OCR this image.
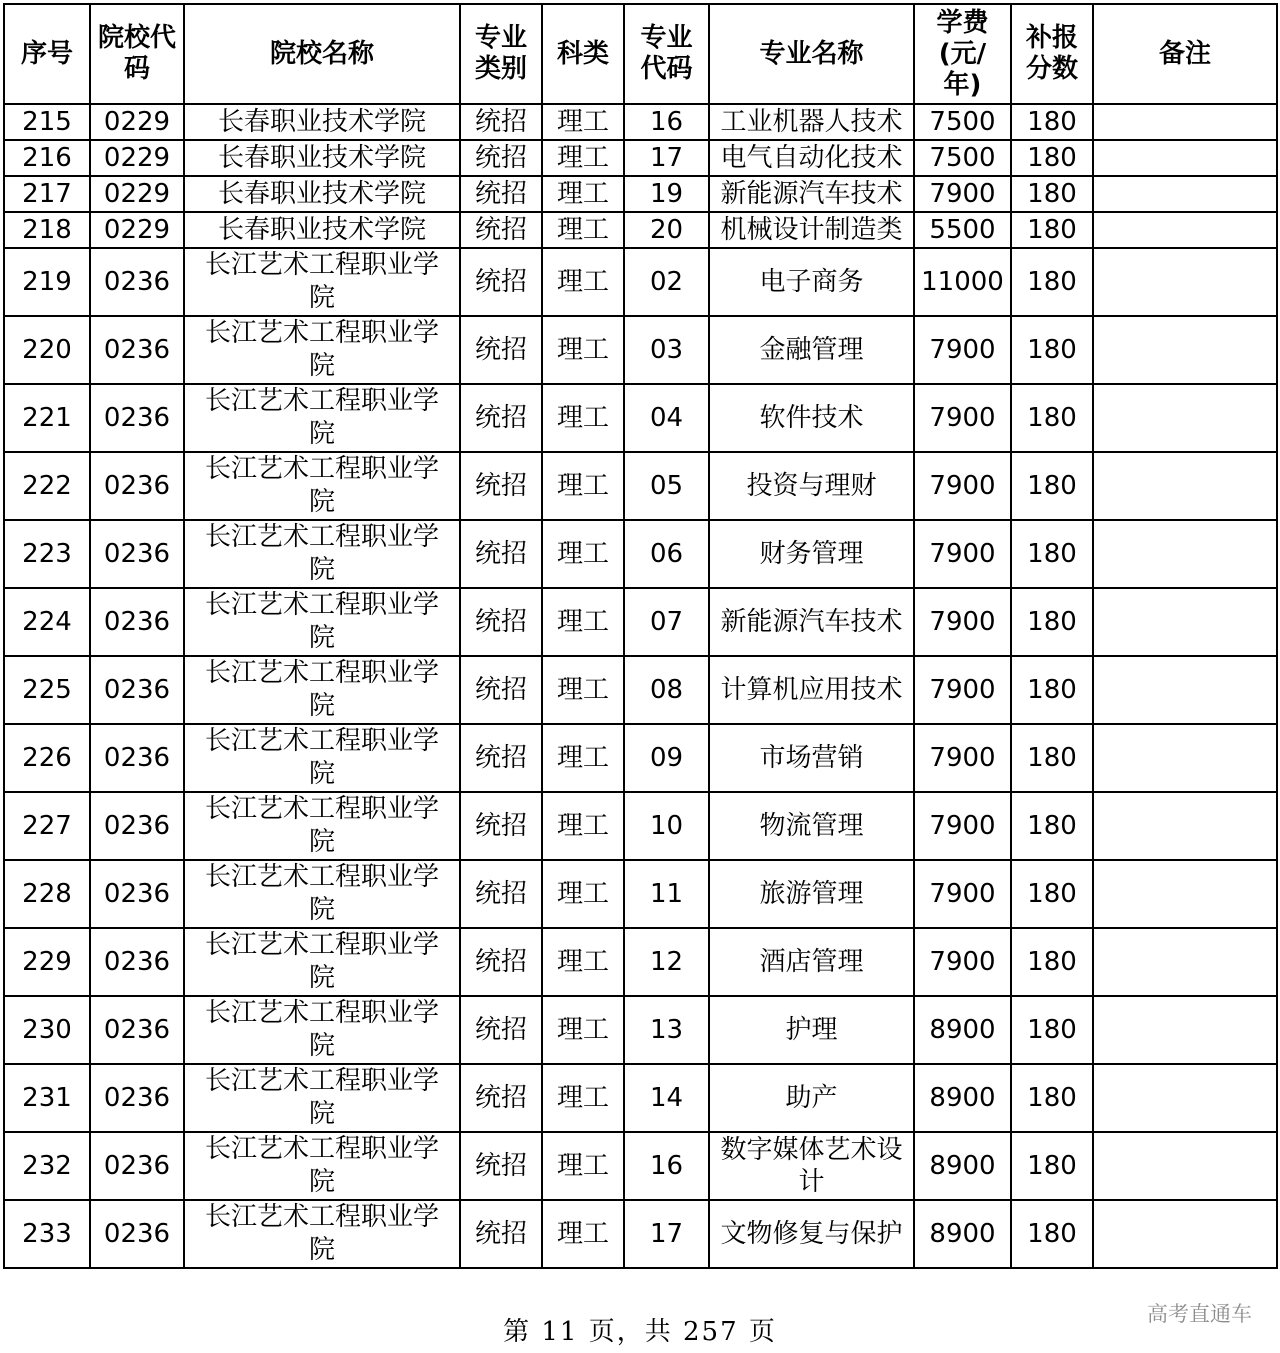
序号	院校代码	院校名称	专业类别	科类	专业代码	专业名称	学费(元/年)	补报分数	备注
215	0229	长春职业技术学院	统招	理工	16	工业机器人技术	7500	180	
216	0229	长春职业技术学院	统招	理工	17	电气自动化技术	7500	180	
217	0229	长春职业技术学院	统招	理工	19	新能源汽车技术	7900	180	
218	0229	长春职业技术学院	统招	理工	20	机械设计制造类	5500	180	
219	0236	长江艺术工程职业学院	统招	理工	02	电子商务	11000	180	
220	0236	长江艺术工程职业学院	统招	理工	03	金融管理	7900	180	
221	0236	长江艺术工程职业学院	统招	理工	04	软件技术	7900	180	
222	0236	长江艺术工程职业学院	统招	理工	05	投资与理财	7900	180	
223	0236	长江艺术工程职业学院	统招	理工	06	财务管理	7900	180	
224	0236	长江艺术工程职业学院	统招	理工	07	新能源汽车技术	7900	180	
225	0236	长江艺术工程职业学院	统招	理工	08	计算机应用技术	7900	180	
226	0236	长江艺术工程职业学院	统招	理工	09	市场营销	7900	180	
227	0236	长江艺术工程职业学院	统招	理工	10	物流管理	7900	180	
228	0236	长江艺术工程职业学院	统招	理工	11	旅游管理	7900	180	
229	0236	长江艺术工程职业学院	统招	理工	12	酒店管理	7900	180	
230	0236	长江艺术工程职业学院	统招	理工	13	护理	8900	180	
231	0236	长江艺术工程职业学院	统招	理工	14	助产	8900	180	
232	0236	长江艺术工程职业学院	统招	理工	16	数字媒体艺术设计	8900	180	
233	0236	长江艺术工程职业学院	统招	理工	17	文物修复与保护	8900	180	
第 11 页，共 257 页
高考直通车
